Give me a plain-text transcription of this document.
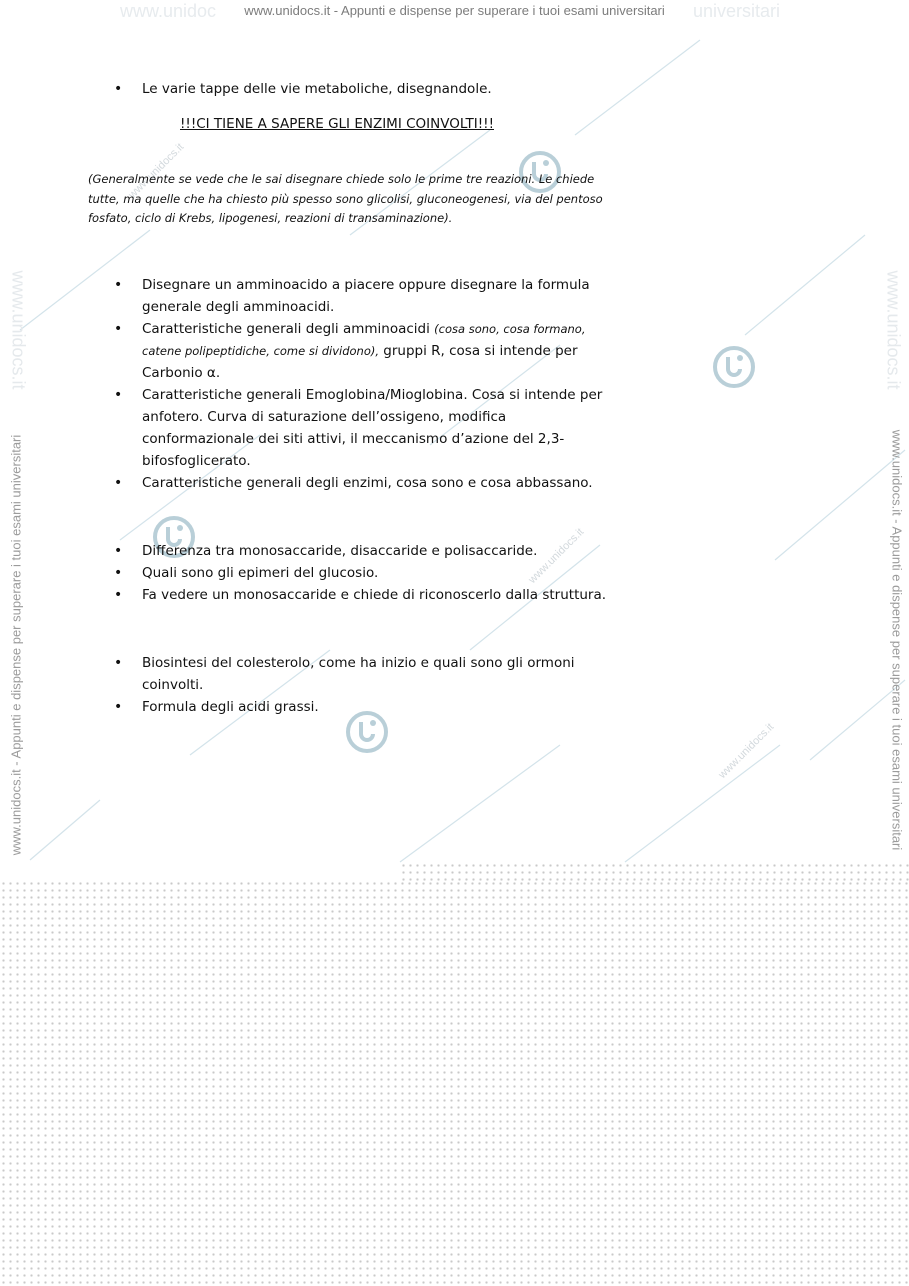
www.unidocs.it
www.unidocs.it
www.unidocs.it
www.unidoc	universitari
www.unidocs.it - Appunti e dispense per superare i tuoi esami universitari
www.unidocs.it - Appunti e dispense per superare i tuoi esami universitari
www.unidocs.it
www.unidocs.it - Appunti e dispense per superare i tuoi esami universitari
www.unidocs.it
• Le varie tappe delle vie metaboliche, disegnandole.
!!!CI TIENE A SAPERE GLI ENZIMI COINVOLTI!!!
(Generalmente se vede che le sai disegnare chiede solo le prime tre reazioni. Le chiede tutte, ma quelle che ha chiesto più spesso sono glicolisi, gluconeogenesi, via del pentoso fosfato, ciclo di Krebs, lipogenesi, reazioni di transaminazione).
• Disegnare un amminoacido a piacere oppure disegnare la formula generale degli amminoacidi.
• Caratteristiche generali degli amminoacidi (cosa sono, cosa formano, catene polipeptidiche, come si dividono), gruppi R, cosa si intende per Carbonio α.
• Caratteristiche generali Emoglobina/Mioglobina. Cosa si intende per anfotero. Curva di saturazione dell’ossigeno, modifica conformazionale dei siti attivi, il meccanismo d’azione del 2,3-bifosfoglicerato.
• Caratteristiche generali degli enzimi, cosa sono e cosa abbassano.
• Differenza tra monosaccaride, disaccaride e polisaccaride.
• Quali sono gli epimeri del glucosio.
• Fa vedere un monosaccaride e chiede di riconoscerlo dalla struttura.
• Biosintesi del colesterolo, come ha inizio e quali sono gli ormoni coinvolti.
• Formula degli acidi grassi.
